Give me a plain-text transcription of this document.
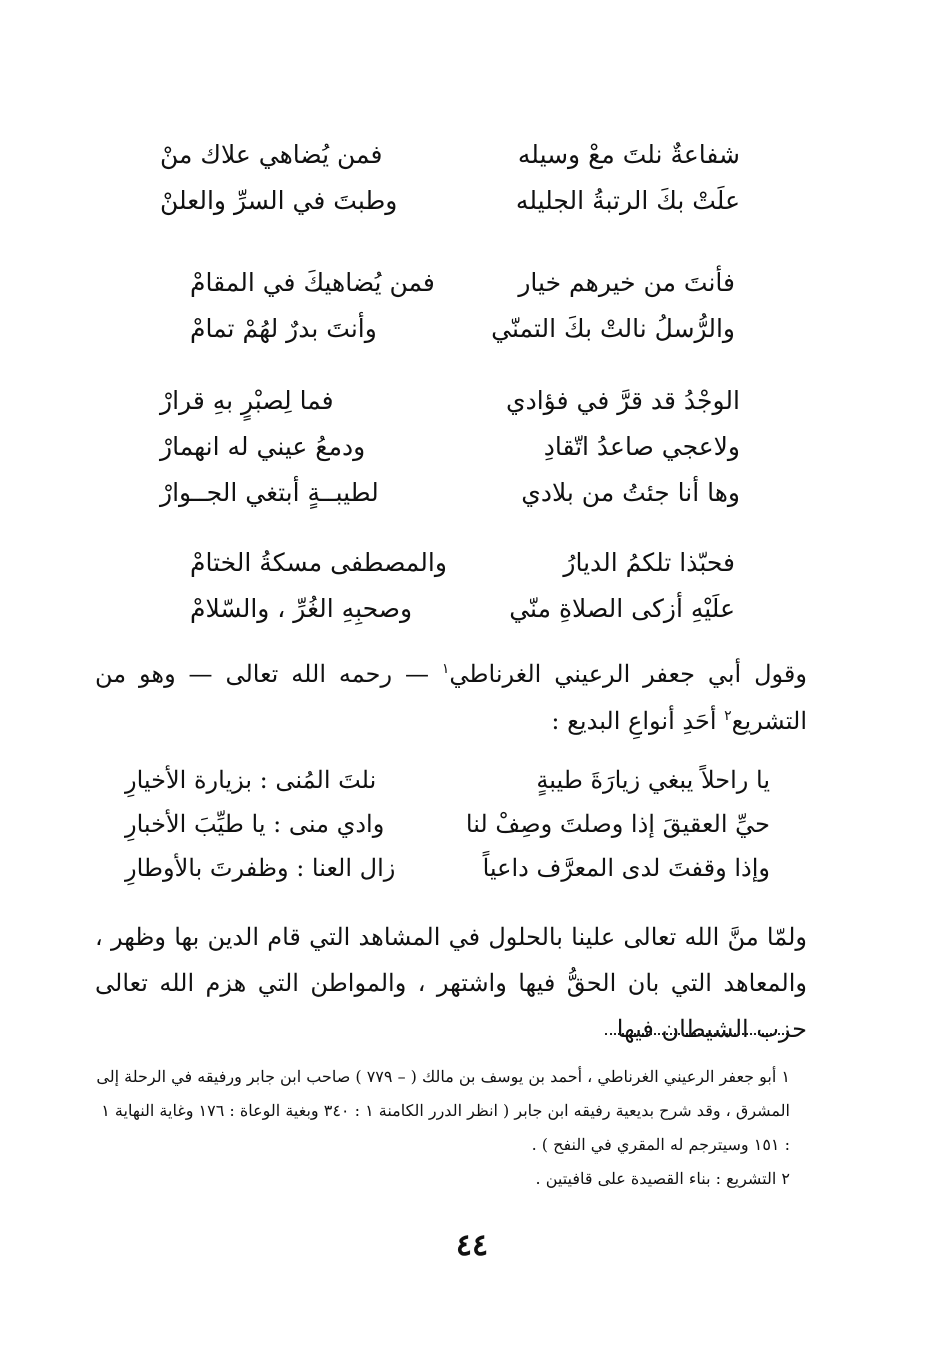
شفاعةٌ نلتَ معْ وسيله
فمن يُضاهي علاك منْ
علَتْ بكَ الرتبةُ الجليله
وطبتَ في السرِّ والعلنْ
فأنتَ من خيرهم خيار
فمن يُضاهيكَ في المقامْ
والرُّسلُ نالتْ بكَ التمنّي
وأنتَ بدرٌ لهُمْ تمامْ
الوجْدُ قد قرَّ في فؤادي
فما لِصبْرٍ بهِ قرارْ
ولاعجي صاعدُ اتّقادِ
ودمعُ عيني له انهمارْ
وها أنا جئتُ من بلادي
لطيبــةٍ أبتغي الجــوارْ
فحبّذا تلكمُ الديارُ
والمصطفى مسكةُ الختامْ
علَيْهِ أزكى الصلاةِ منّي
وصحبِهِ الغُرِّ ، والسّلامْ
وقول أبي جعفر الرعيني الغرناطي$^١$ — رحمه الله تعالى — وهو من التشريع$^٢$ أحَدِ أنواعِ البديع :
يا راحلاً يبغي زيارَةَ طيبةٍ
نلتَ المُنى : بزيارة الأخيارِ
حيِّ العقيقَ إذا وصلتَ وصِفْ لنا
وادي منى : يا طيِّبَ الأخبارِ
وإذا وقفتَ لدى المعرَّف داعياً
زال العنا : وظفرتَ بالأوطارِ
ولمّا منَّ الله تعالى علينا بالحلول في المشاهد التي قام الدين بها وظهر ، والمعاهد التي بان الحقُّ فيها واشتهر ، والمواطن التي هزم الله تعالى حزب الشيطان فيها

١ أبو جعفر الرعيني الغرناطي ، أحمد بن يوسف بن مالك ( – ٧٧٩ ) صاحب ابن جابر ورفيقه في الرحلة إلى المشرق ، وقد شرح بديعية رفيقه ابن جابر ( انظر الدرر الكامنة ١ : ٣٤٠ وبغية الوعاة : ١٧٦ وغاية النهاية ١ : ١٥١ وسيترجم له المقري في النفح ) .

٢ التشريع : بناء القصيدة على قافيتين .

٤٤
